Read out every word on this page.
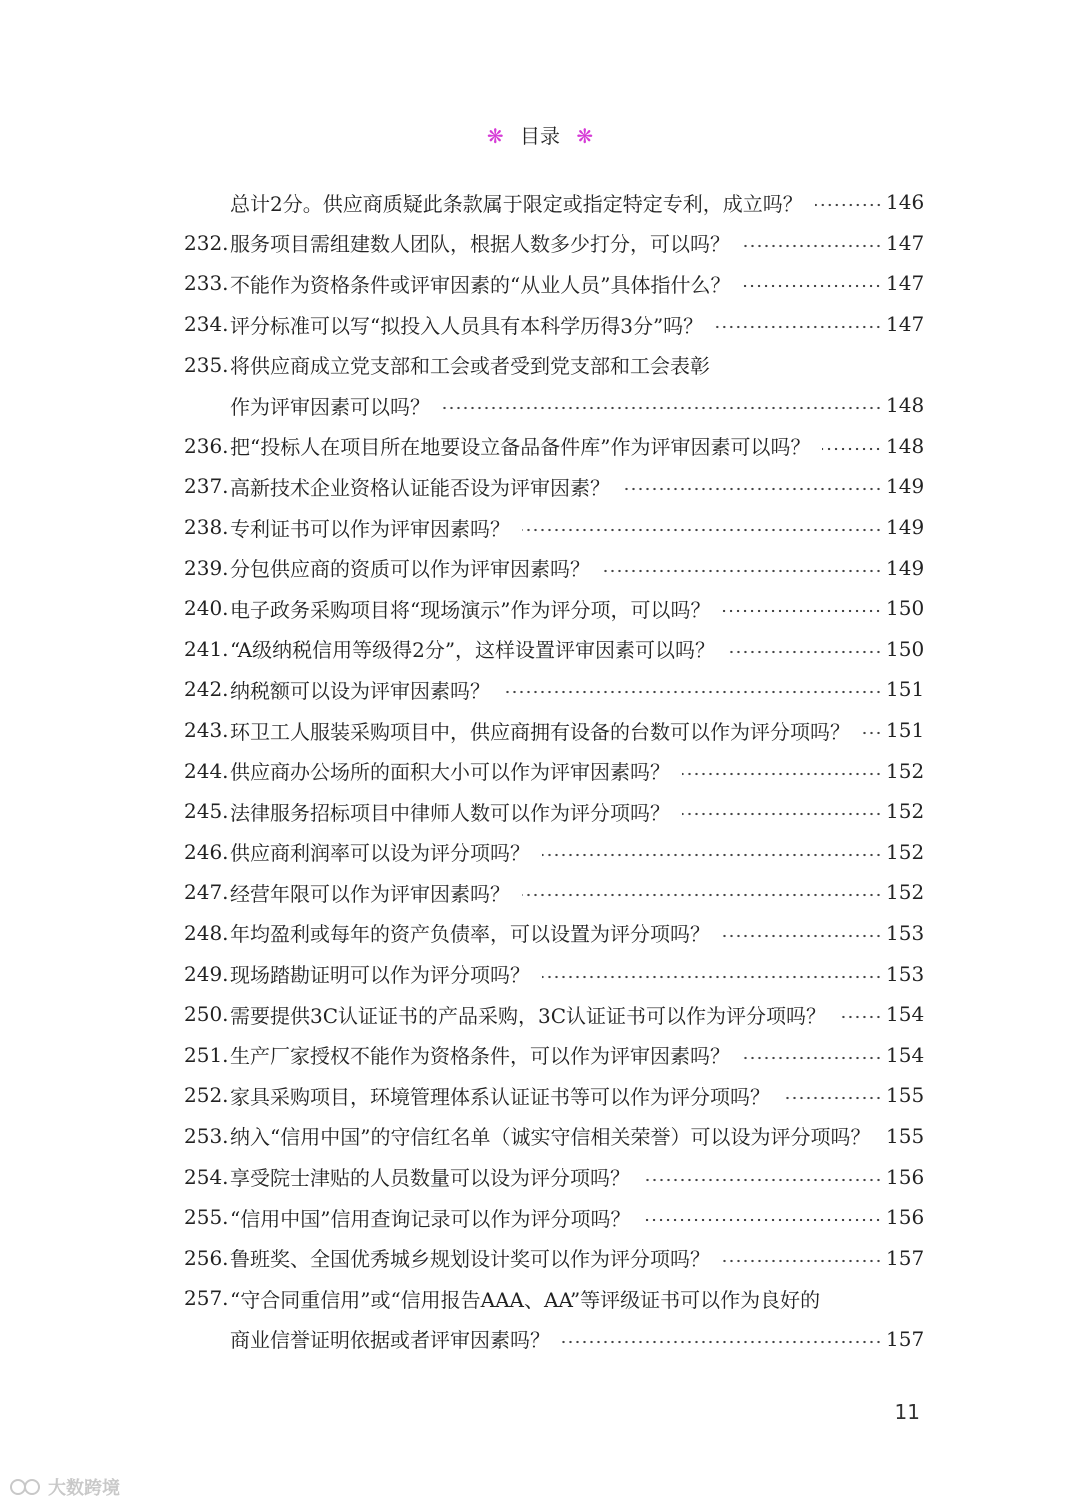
❋ 目录 ❋
总计2分。供应商质疑此条款属于限定或指定特定专利，成立吗？	146
232. 服务项目需组建数人团队，根据人数多少打分，可以吗？	147
233. 不能作为资格条件或评审因素的“从业人员”具体指什么？	147
234. 评分标准可以写“拟投入人员具有本科学历得3分”吗？	147
235. 将供应商成立党支部和工会或者受到党支部和工会表彰
作为评审因素可以吗？	148
236. 把“投标人在项目所在地要设立备品备件库”作为评审因素可以吗？	148
237. 高新技术企业资格认证能否设为评审因素？	149
238. 专利证书可以作为评审因素吗？	149
239. 分包供应商的资质可以作为评审因素吗？	149
240. 电子政务采购项目将“现场演示”作为评分项，可以吗？	150
241. “A级纳税信用等级得2分”，这样设置评审因素可以吗？	150
242. 纳税额可以设为评审因素吗？	151
243. 环卫工人服装采购项目中，供应商拥有设备的台数可以作为评分项吗？ 151
244. 供应商办公场所的面积大小可以作为评审因素吗？	152
245. 法律服务招标项目中律师人数可以作为评分项吗？	152
246. 供应商利润率可以设为评分项吗？	152
247. 经营年限可以作为评审因素吗？	152
248. 年均盈利或每年的资产负债率，可以设置为评分项吗？	153
249. 现场踏勘证明可以作为评分项吗？	153
250. 需要提供3C认证证书的产品采购，3C认证证书可以作为评分项吗？	154
251. 生产厂家授权不能作为资格条件，可以作为评审因素吗？	154
252. 家具采购项目，环境管理体系认证证书等可以作为评分项吗？	155
253. 纳入“信用中国”的守信红名单（诚实守信相关荣誉）可以设为评分项吗？ 155
254. 享受院士津贴的人员数量可以设为评分项吗？	156
255. “信用中国”信用查询记录可以作为评分项吗？	156
256. 鲁班奖、全国优秀城乡规划设计奖可以作为评分项吗？	157
257. “守合同重信用”或“信用报告AAA、AA”等评级证书可以作为良好的
商业信誉证明依据或者评审因素吗？	157
11
大数跨境
